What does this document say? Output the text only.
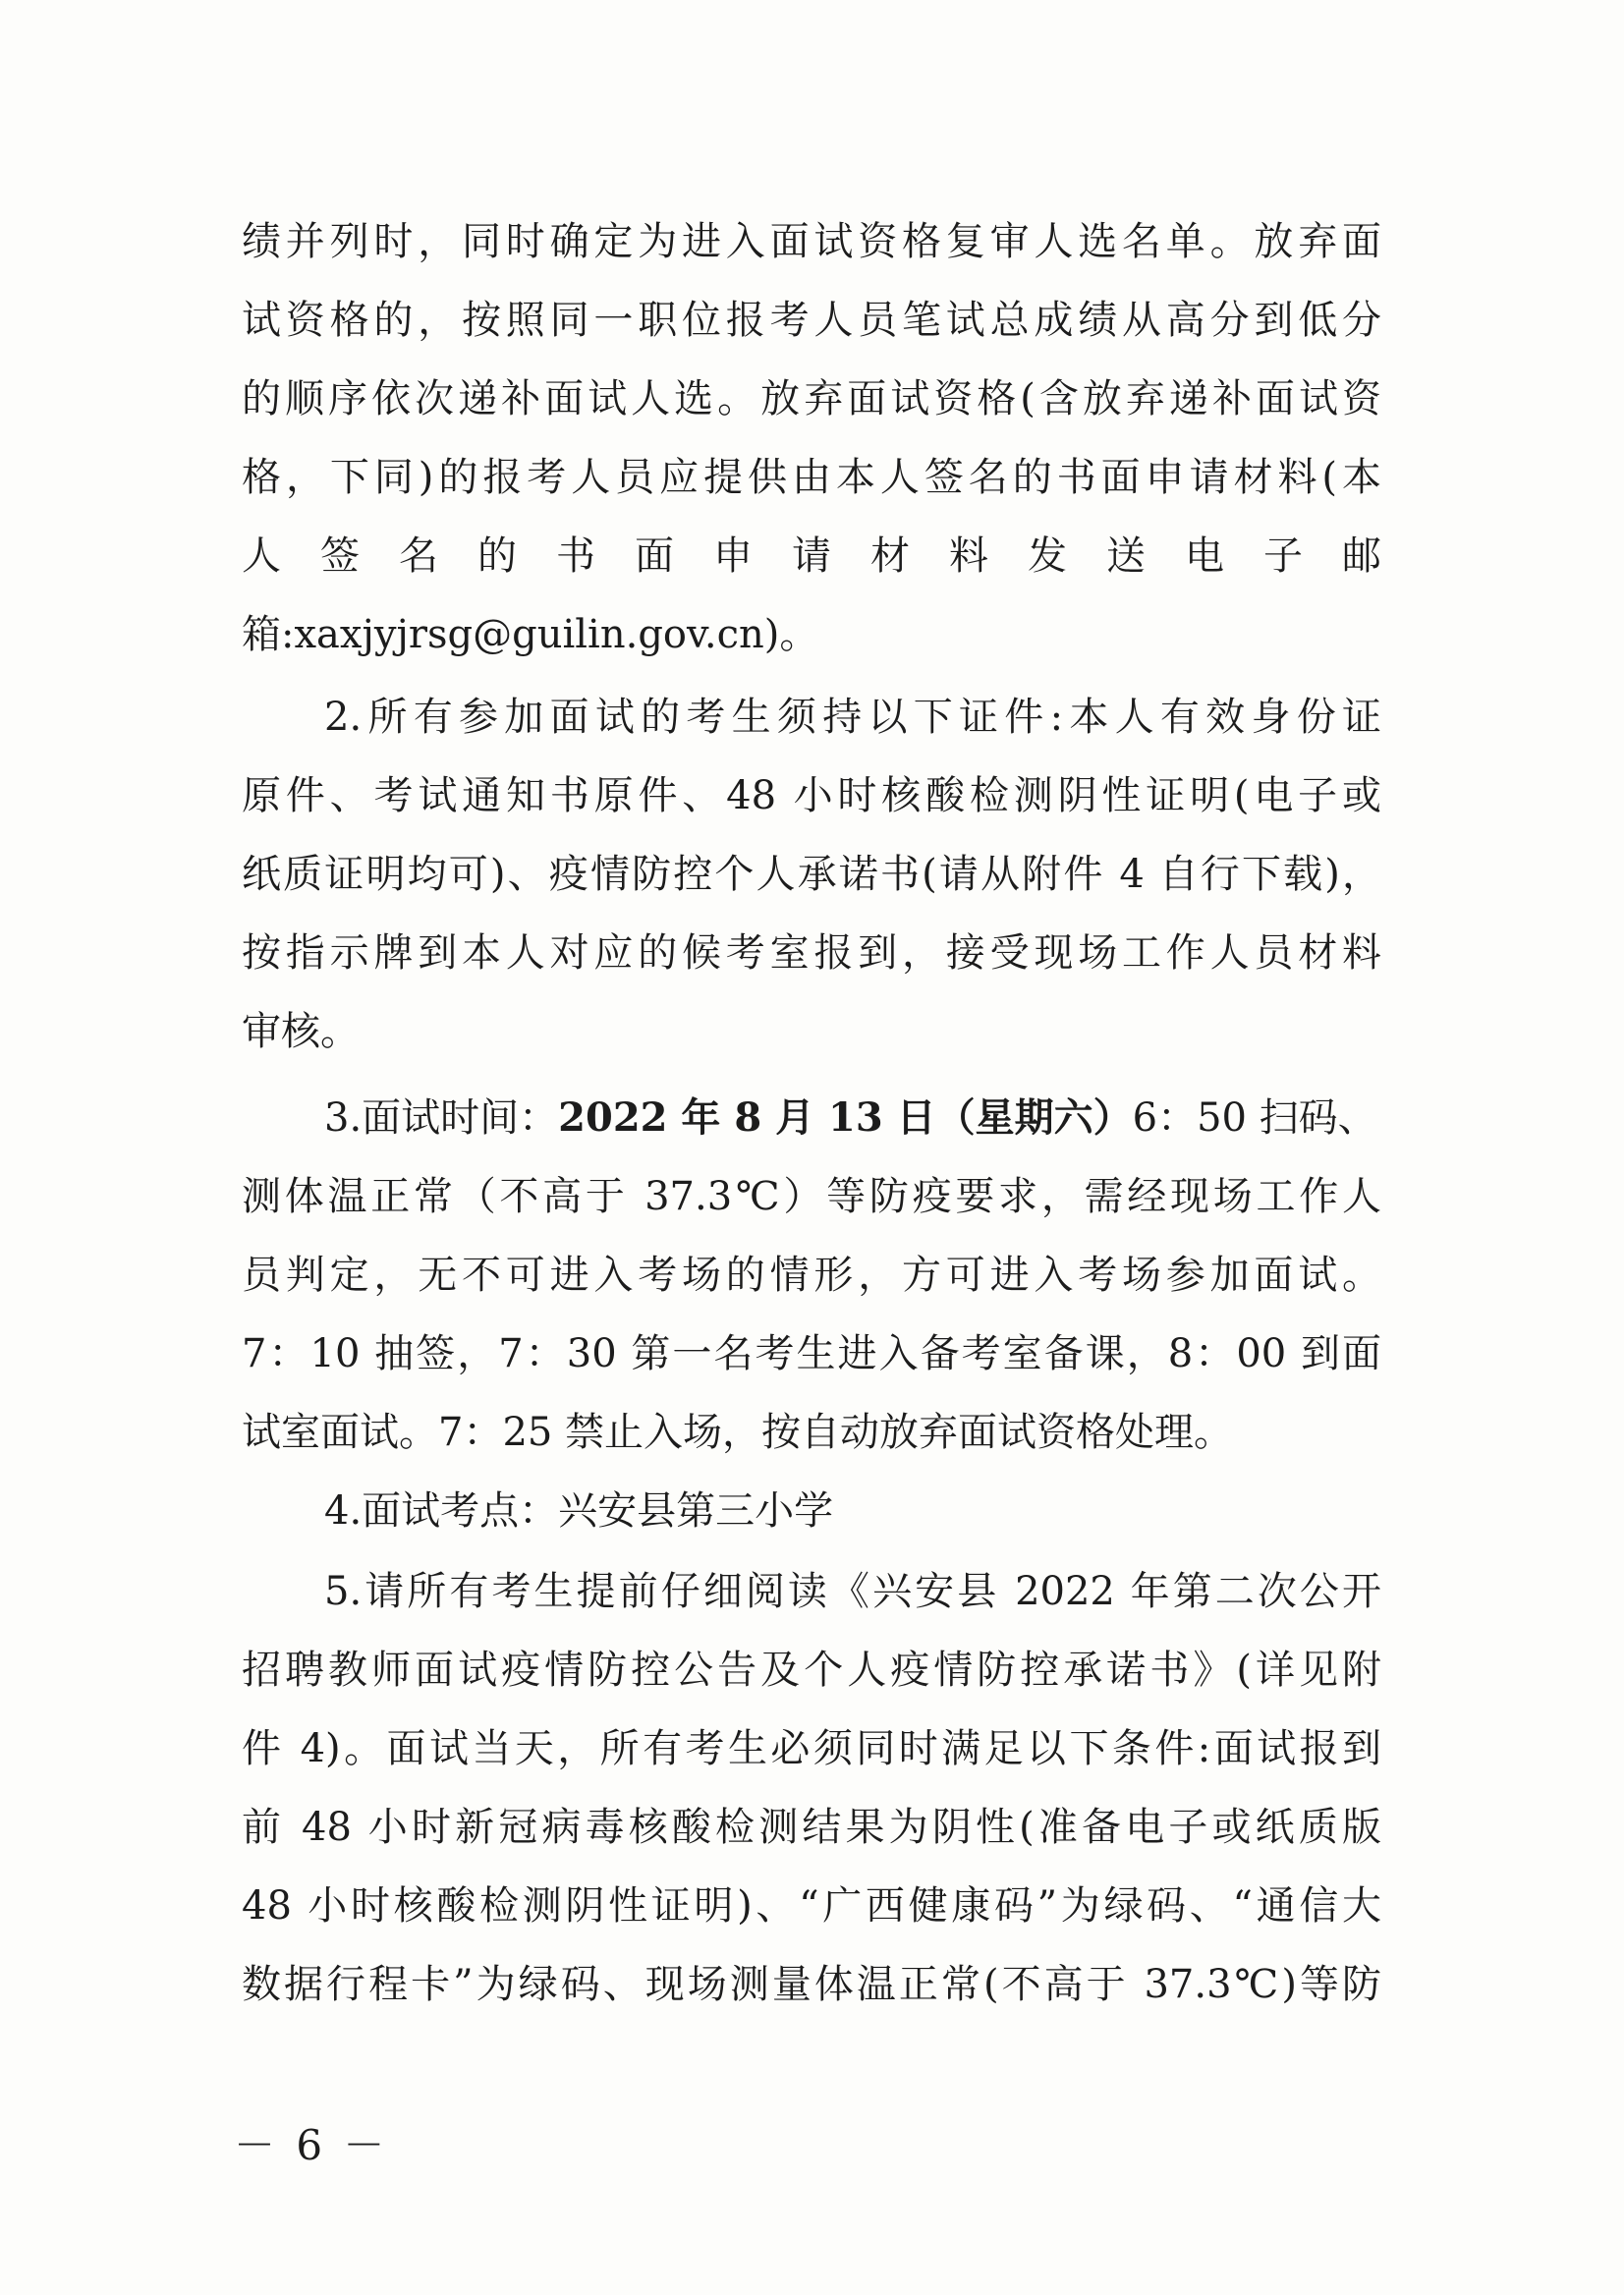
绩并列时，同时确定为进入面试资格复审人选名单。放弃面
试资格的，按照同一职位报考人员笔试总成绩从高分到低分
的顺序依次递补面试人选。放弃面试资格(含放弃递补面试资
格，下同)的报考人员应提供由本人签名的书面申请材料(本
人 签 名 的 书 面 申 请 材 料 发 送 电 子 邮
箱:xaxjyjrsg@guilin.gov.cn)。
2.所有参加面试的考生须持以下证件:本人有效身份证
原件、考试通知书原件、48 小时核酸检测阴性证明(电子或
纸质证明均可)、疫情防控个人承诺书(请从附件 4 自行下载)，
按指示牌到本人对应的候考室报到，接受现场工作人员材料
审核。
3.面试时间：2022 年 8 月 13 日（星期六）6：50 扫码、
测体温正常（不高于 37.3℃）等防疫要求，需经现场工作人
员判定，无不可进入考场的情形，方可进入考场参加面试。
7：10 抽签，7：30 第一名考生进入备考室备课，8：00 到面
试室面试。7：25 禁止入场，按自动放弃面试资格处理。
4.面试考点：兴安县第三小学
5.请所有考生提前仔细阅读《兴安县 2022 年第二次公开
招聘教师面试疫情防控公告及个人疫情防控承诺书》(详见附
件 4)。面试当天，所有考生必须同时满足以下条件:面试报到
前 48 小时新冠病毒核酸检测结果为阴性(准备电子或纸质版
48 小时核酸检测阴性证明)、“广西健康码”为绿码、“通信大
数据行程卡”为绿码、现场测量体温正常(不高于 37.3℃)等防
－ 6 －
